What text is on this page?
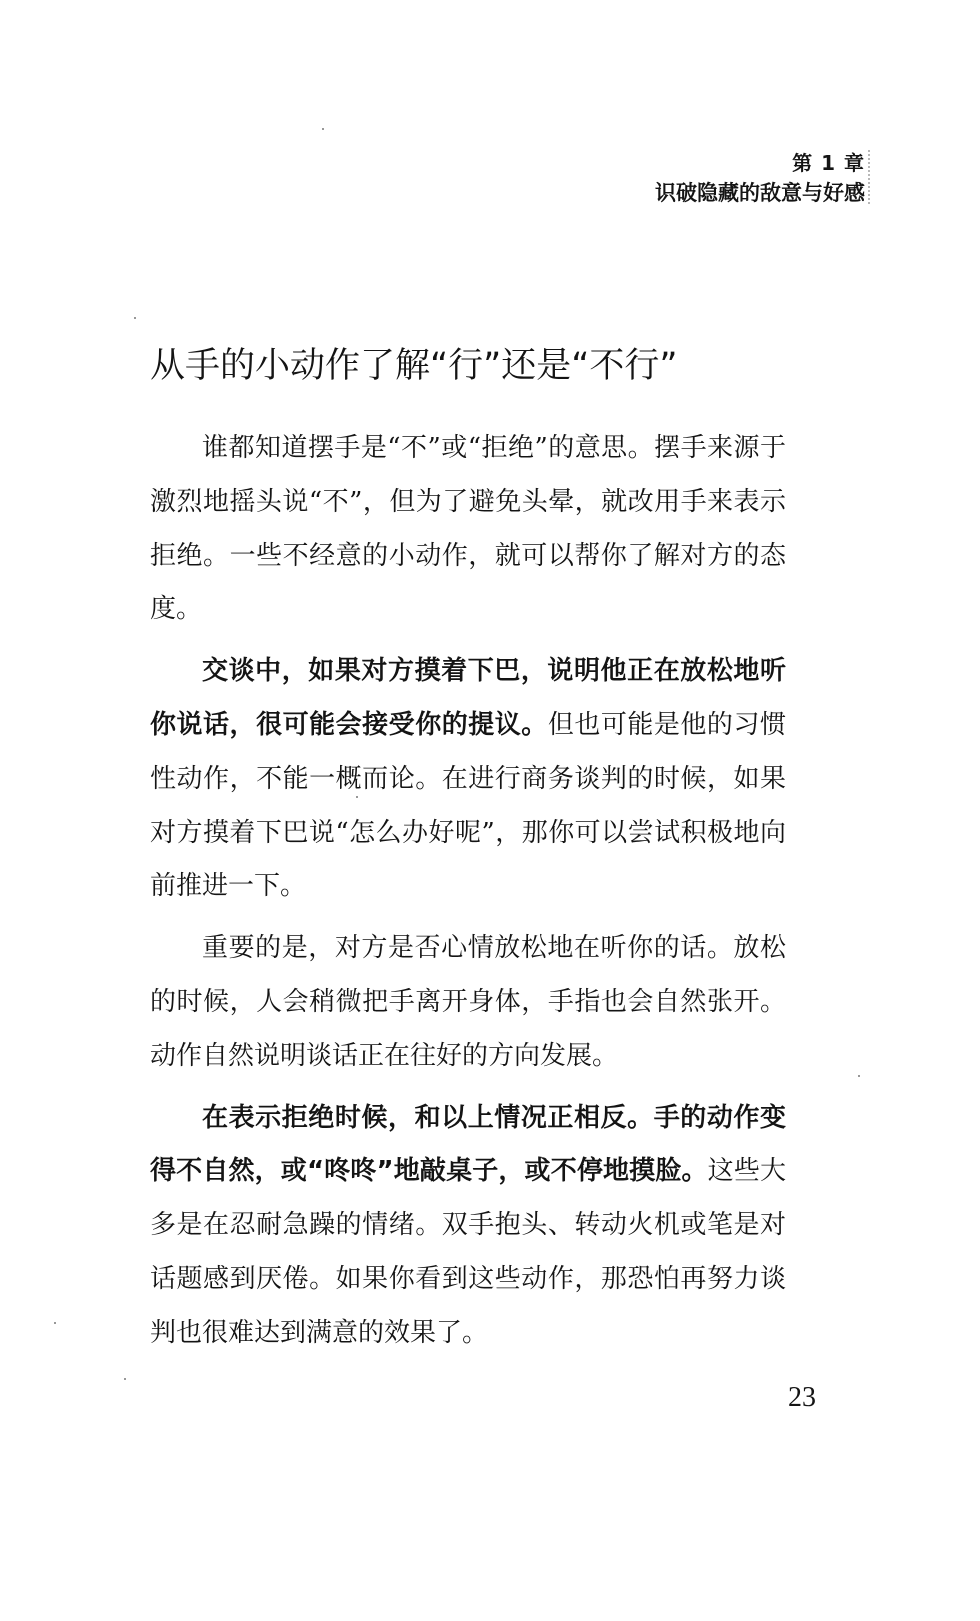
第 1 章
识破隐藏的敌意与好感
从手的小动作了解“行”还是“不行”

谁都知道摆手是“不”或“拒绝”的意思。摆手来源于激烈地摇头说“不”，但为了避免头晕，就改用手来表示拒绝。一些不经意的小动作，就可以帮你了解对方的态度。

交谈中，如果对方摸着下巴，说明他正在放松地听你说话，很可能会接受你的提议。但也可能是他的习惯性动作，不能一概而论。在进行商务谈判的时候，如果对方摸着下巴说“怎么办好呢”，那你可以尝试积极地向前推进一下。

重要的是，对方是否心情放松地在听你的话。放松的时候，人会稍微把手离开身体，手指也会自然张开。动作自然说明谈话正在往好的方向发展。

在表示拒绝时候，和以上情况正相反。手的动作变得不自然，或“咚咚”地敲桌子，或不停地摸脸。这些大多是在忍耐急躁的情绪。双手抱头、转动火机或笔是对话题感到厌倦。如果你看到这些动作，那恐怕再努力谈判也很难达到满意的效果了。

23
